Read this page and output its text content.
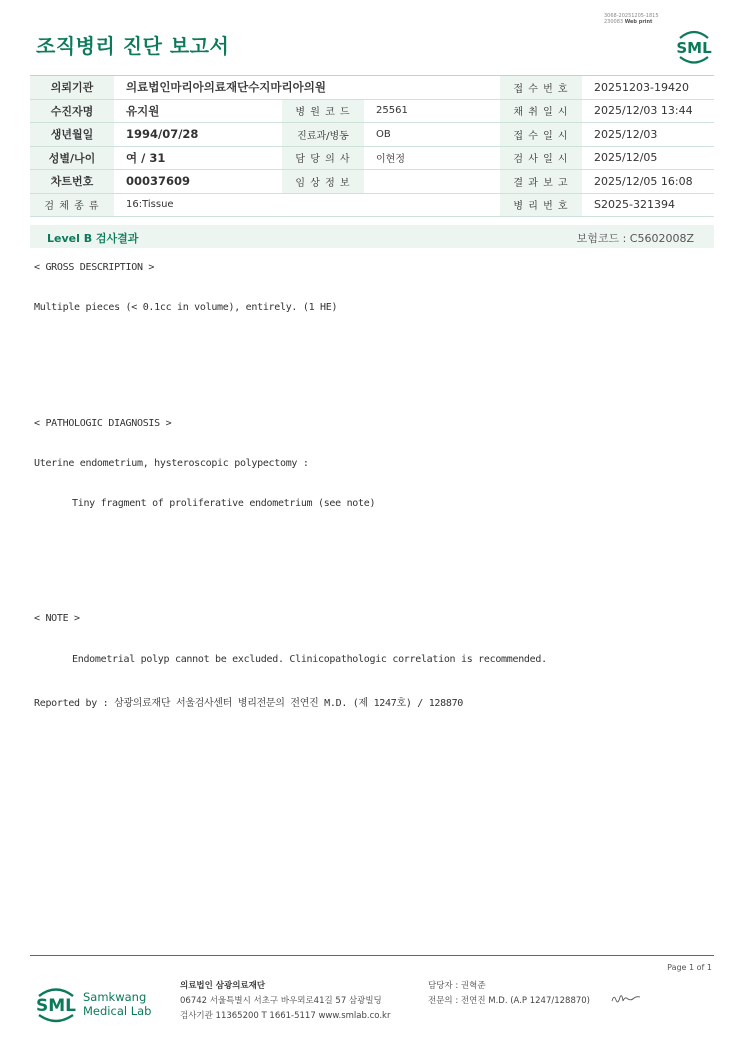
3068-20251205-1815
230083 Web print
조직병리 진단 보고서	SML
의뢰기관	의료법인마리아의료재단수지마리아의원			접 수 번 호	20251203-19420
수진자명	유지원	병 원 코 드	25561	채 취 일 시	2025/12/03 13:44
생년월일	1994/07/28	진료과/병동	OB	접 수 일 시	2025/12/03
성별/나이	여 / 31	담 당 의 사	이현정	검 사 일 시	2025/12/05
차트번호	00037609	임 상 정 보		결 과 보 고	2025/12/05 16:08
검 체 종 류	16:Tissue			병 리 번 호	S2025-321394
Level B 검사결과	보험코드 : C5602008Z
< GROSS DESCRIPTION >
Multiple pieces (< 0.1cc in volume), entirely. (1 HE)
< PATHOLOGIC DIAGNOSIS >
Uterine endometrium, hysteroscopic polypectomy :
Tiny fragment of proliferative endometrium (see note)
< NOTE >
Endometrial polyp cannot be excluded. Clinicopathologic correlation is recommended.
Reported by : 삼광의료재단 서울검사센터 병리전문의 전연진 M.D. (제 1247호) / 128870
Page 1 of 1
SML Samkwang
Medical Lab
의료법인 삼광의료재단
06742 서울특별시 서초구 바우뫼로41길 57 삼광빌딩
검사기관 11365200 T 1661-5117 www.smlab.co.kr
담당자 : 권혁준
전문의 : 전연진 M.D. (A.P 1247/128870)
